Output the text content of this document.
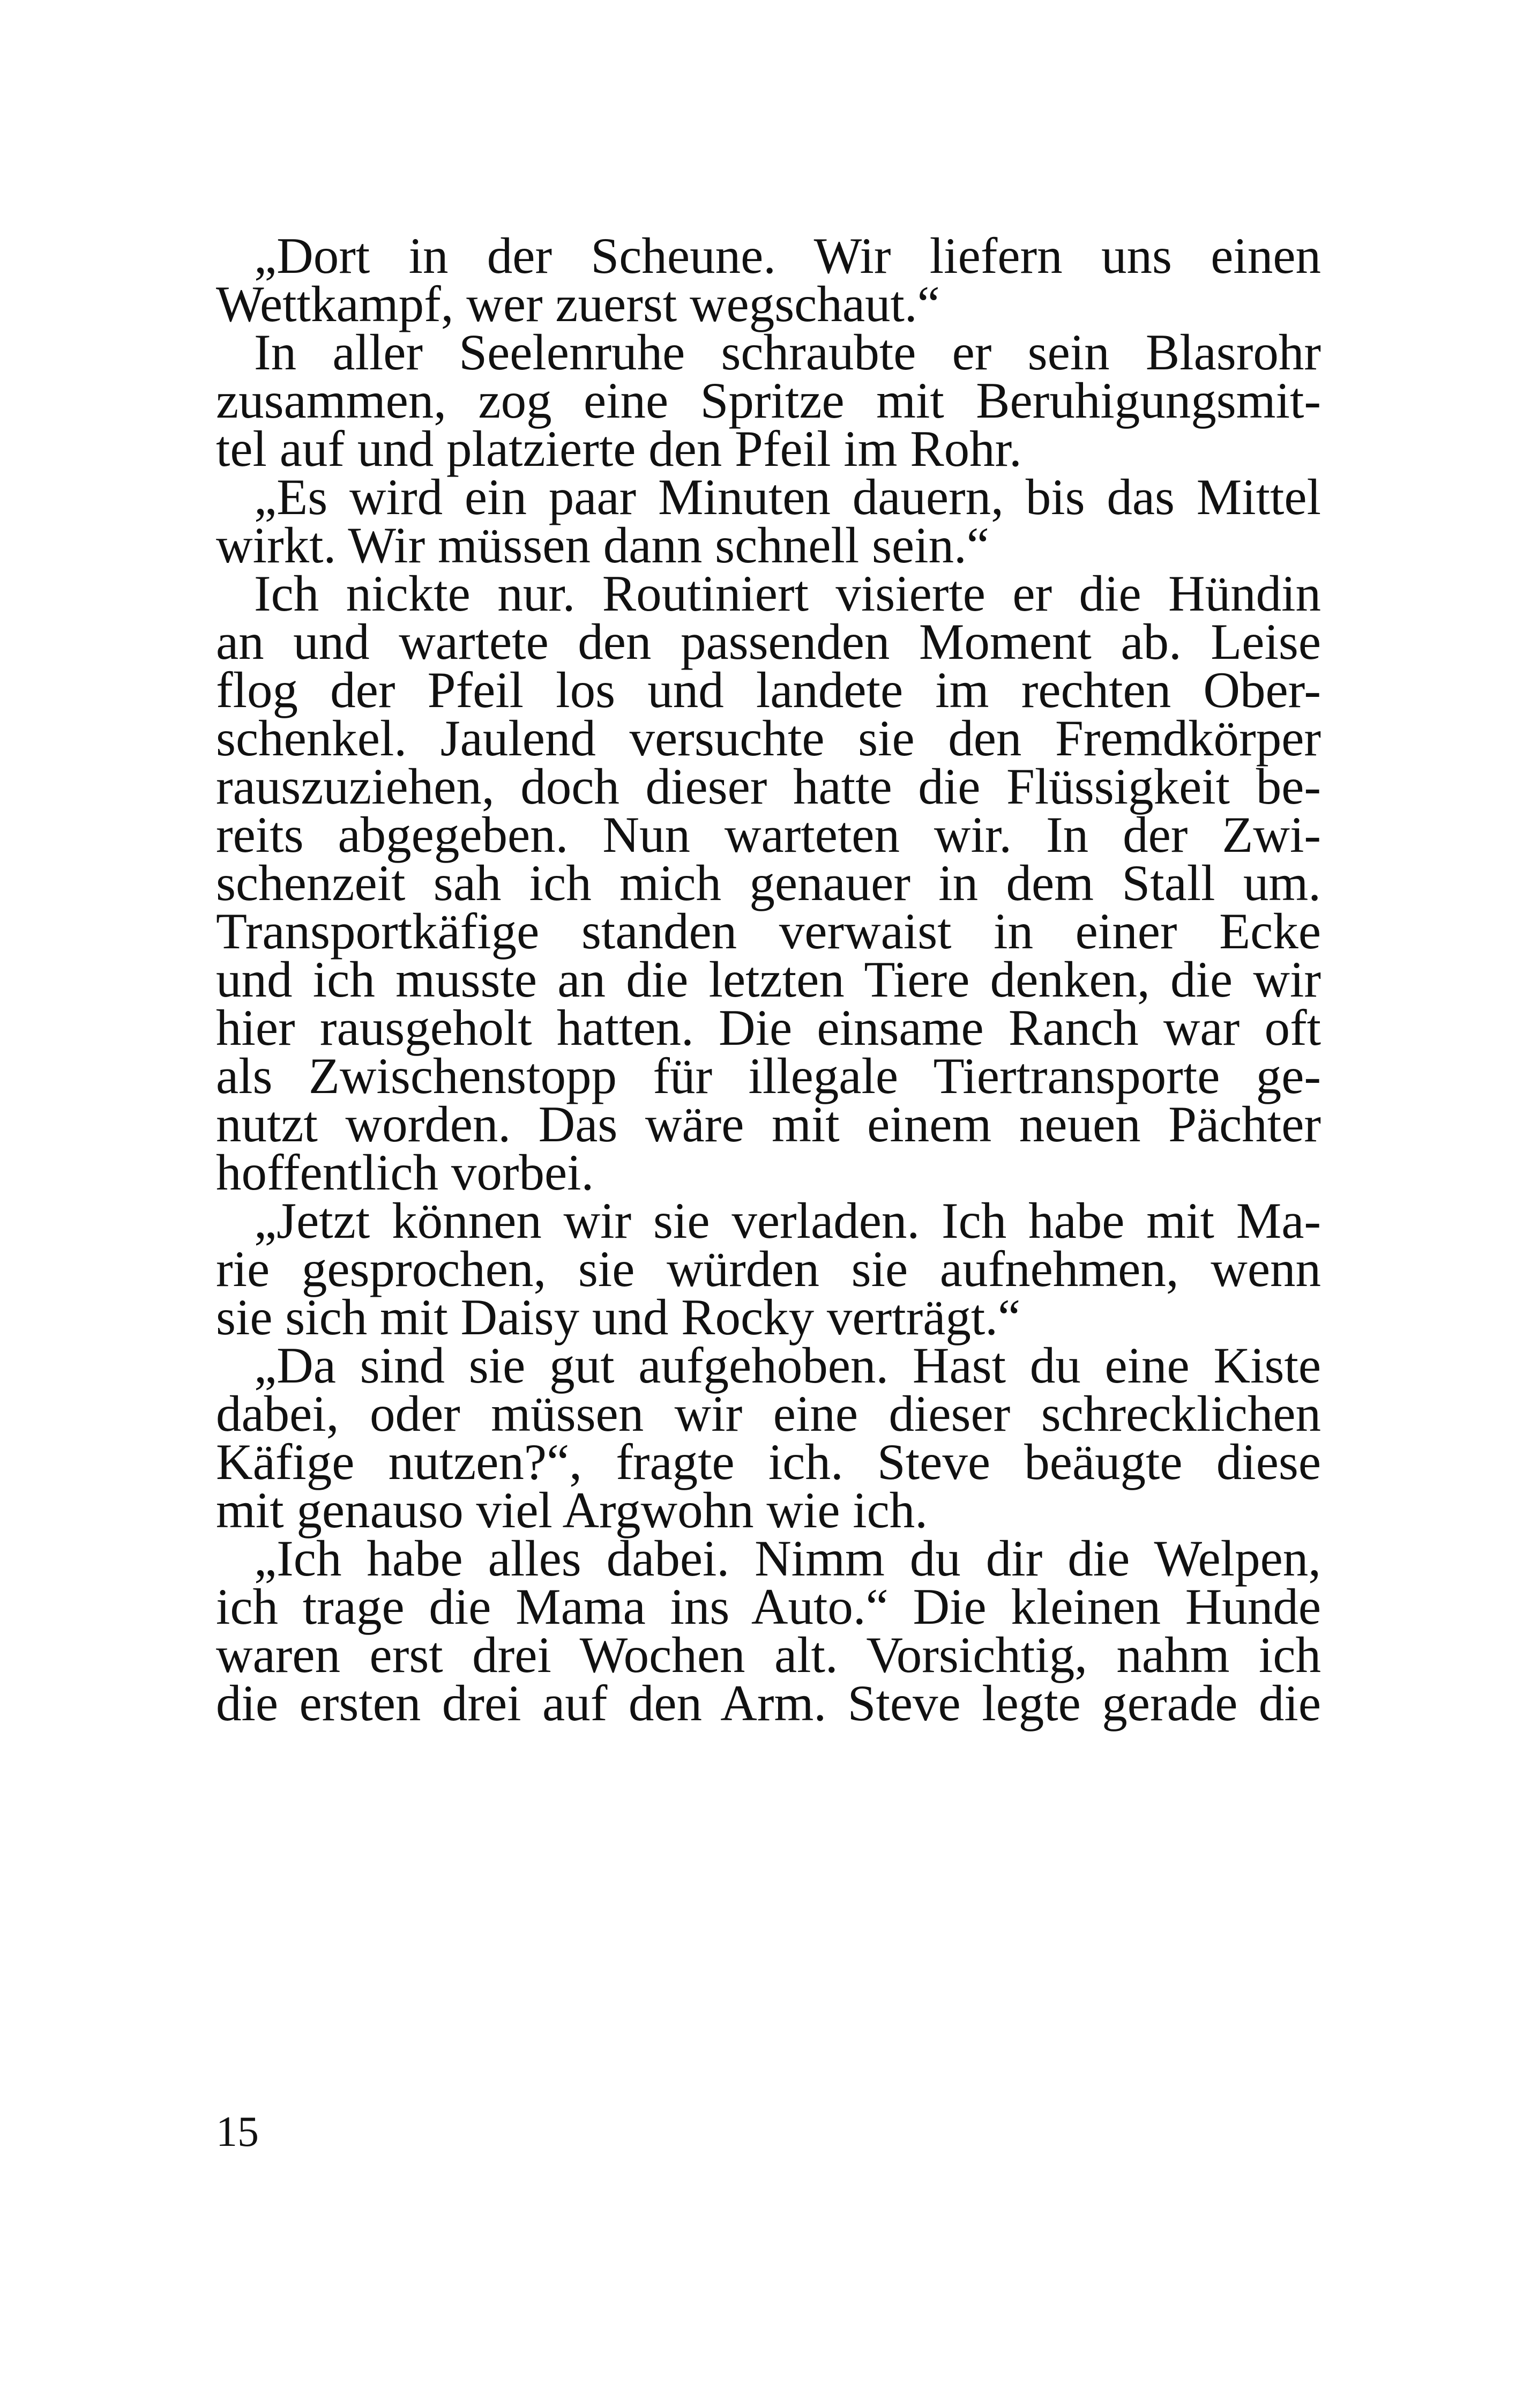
„Dort in der Scheune. Wir liefern uns einen
Wettkampf, wer zuerst wegschaut.“
In aller Seelenruhe schraubte er sein Blasrohr
zusammen, zog eine Spritze mit Beruhigungsmit-
tel auf und platzierte den Pfeil im Rohr.
„Es wird ein paar Minuten dauern, bis das Mittel
wirkt. Wir müssen dann schnell sein.“
Ich nickte nur. Routiniert visierte er die Hündin
an und wartete den passenden Moment ab. Leise
flog der Pfeil los und landete im rechten Ober-
schenkel. Jaulend versuchte sie den Fremdkörper
rauszuziehen, doch dieser hatte die Flüssigkeit be-
reits abgegeben. Nun warteten wir. In der Zwi-
schenzeit sah ich mich genauer in dem Stall um.
Transportkäfige standen verwaist in einer Ecke
und ich musste an die letzten Tiere denken, die wir
hier rausgeholt hatten. Die einsame Ranch war oft
als Zwischenstopp für illegale Tiertransporte ge-
nutzt worden. Das wäre mit einem neuen Pächter
hoffentlich vorbei.
„Jetzt können wir sie verladen. Ich habe mit Ma-
rie gesprochen, sie würden sie aufnehmen, wenn
sie sich mit Daisy und Rocky verträgt.“
„Da sind sie gut aufgehoben. Hast du eine Kiste
dabei, oder müssen wir eine dieser schrecklichen
Käfige nutzen?“, fragte ich. Steve beäugte diese
mit genauso viel Argwohn wie ich.
„Ich habe alles dabei. Nimm du dir die Welpen,
ich trage die Mama ins Auto.“ Die kleinen Hunde
waren erst drei Wochen alt. Vorsichtig, nahm ich
die ersten drei auf den Arm. Steve legte gerade die
15
